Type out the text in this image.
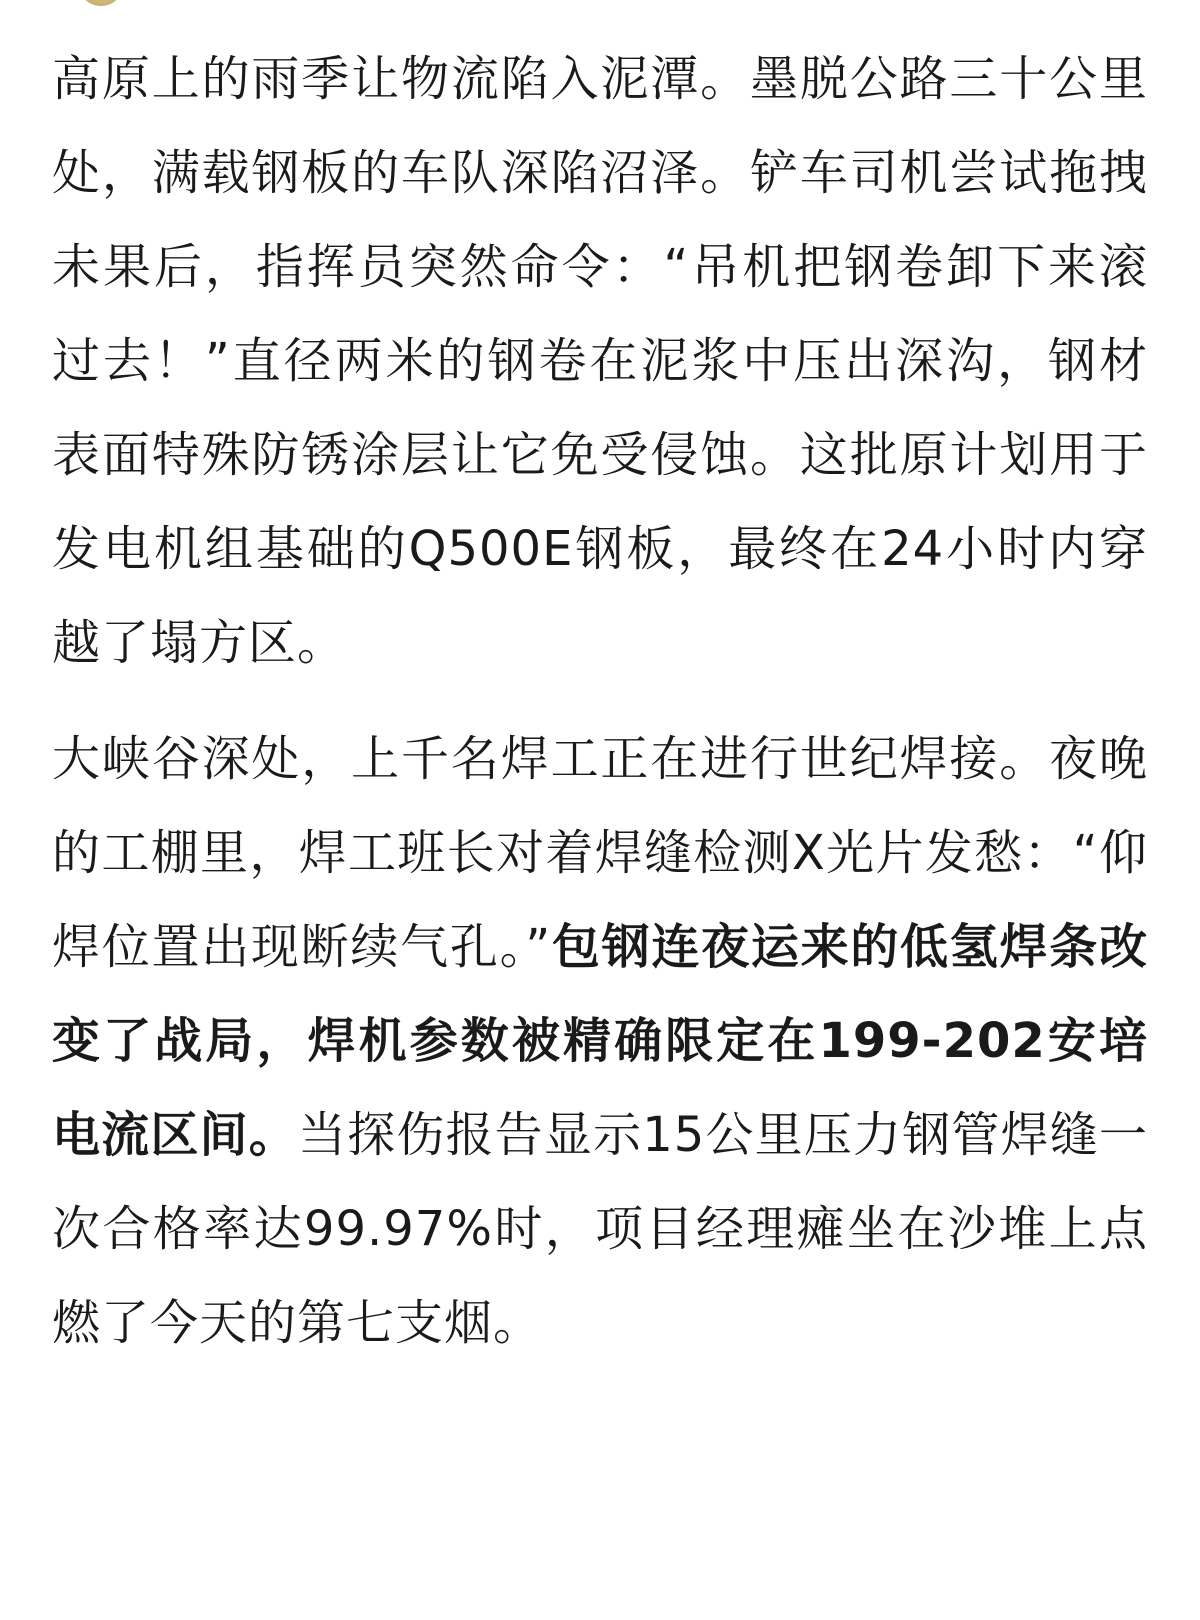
高原上的雨季让物流陷入泥潭。墨脱公路三十公里处，满载钢板的车队深陷沼泽。铲车司机尝试拖拽未果后，指挥员突然命令：“吊机把钢卷卸下来滚过去！”直径两米的钢卷在泥浆中压出深沟，钢材表面特殊防锈涂层让它免受侵蚀。这批原计划用于发电机组基础的Q500E钢板，最终在24小时内穿越了塌方区。

大峡谷深处，上千名焊工正在进行世纪焊接。夜晚的工棚里，焊工班长对着焊缝检测X光片发愁：“仰焊位置出现断续气孔。”包钢连夜运来的低氢焊条改变了战局，焊机参数被精确限定在199-202安培电流区间。当探伤报告显示15公里压力钢管焊缝一次合格率达99.97%时，项目经理瘫坐在沙堆上点燃了今天的第七支烟。
